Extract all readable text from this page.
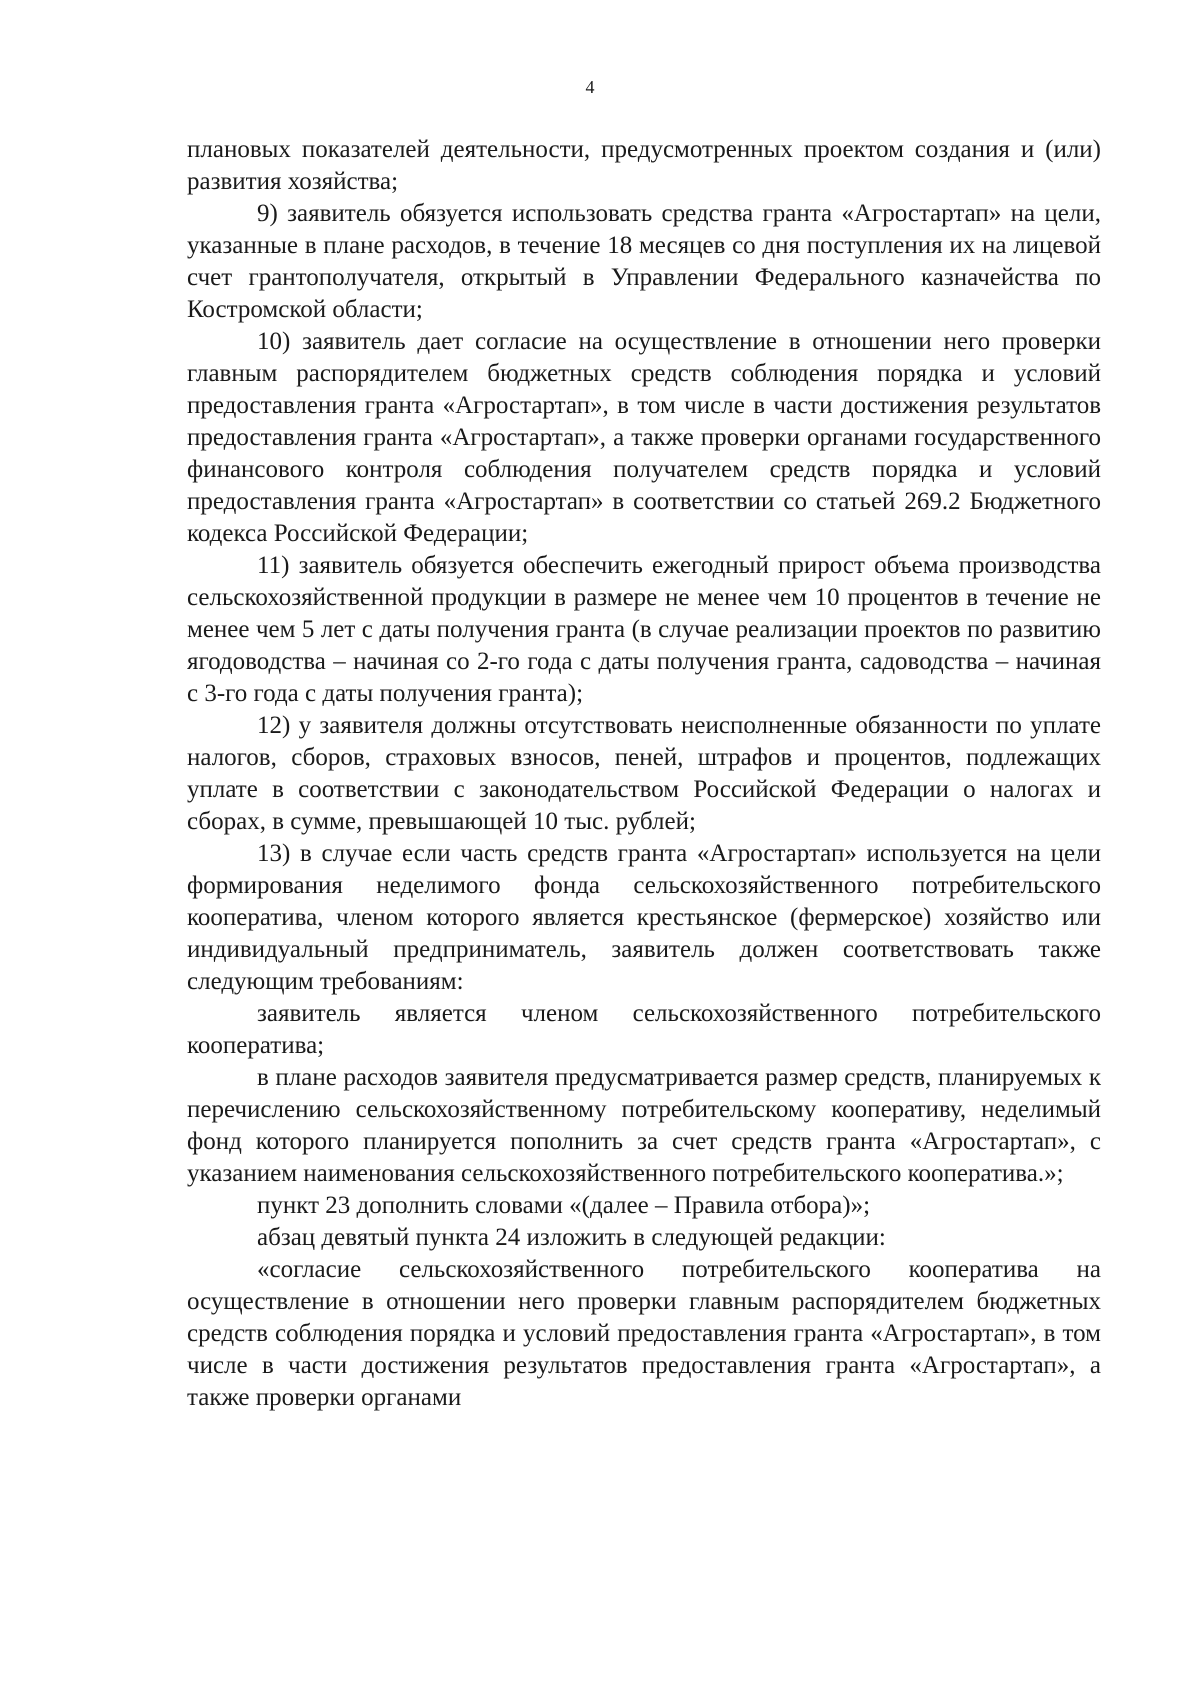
4

плановых показателей деятельности, предусмотренных проектом создания и (или) развития хозяйства;

9) заявитель обязуется использовать средства гранта «Агростартап» на цели, указанные в плане расходов, в течение 18 месяцев со дня поступления их на лицевой счет грантополучателя, открытый в Управлении Федерального казначейства по Костромской области;

10) заявитель дает согласие на осуществление в отношении него проверки главным распорядителем бюджетных средств соблюдения порядка и условий предоставления гранта «Агростартап», в том числе в части достижения результатов предоставления гранта «Агростартап», а также проверки органами государственного финансового контроля соблюдения получателем средств порядка и условий предоставления гранта «Агростартап» в соответствии со статьей 269.2 Бюджетного кодекса Российской Федерации;

11) заявитель обязуется обеспечить ежегодный прирост объема производства сельскохозяйственной продукции в размере не менее чем 10 процентов в течение не менее чем 5 лет с даты получения гранта (в случае реализации проектов по развитию ягодоводства – начиная со 2-го года с даты получения гранта, садоводства – начиная с 3-го года с даты получения гранта);

12) у заявителя должны отсутствовать неисполненные обязанности по уплате налогов, сборов, страховых взносов, пеней, штрафов и процентов, подлежащих уплате в соответствии с законодательством Российской Федерации о налогах и сборах, в сумме, превышающей 10 тыс. рублей;

13) в случае если часть средств гранта «Агростартап» используется на цели формирования неделимого фонда сельскохозяйственного потребительского кооператива, членом которого является крестьянское (фермерское) хозяйство или индивидуальный предприниматель, заявитель должен соответствовать также следующим требованиям:

заявитель является членом сельскохозяйственного потребительского кооператива;

в плане расходов заявителя предусматривается размер средств, планируемых к перечислению сельскохозяйственному потребительскому кооперативу, неделимый фонд которого планируется пополнить за счет средств гранта «Агростартап», с указанием наименования сельскохозяйственного потребительского кооператива.»;

пункт 23 дополнить словами «(далее – Правила отбора)»;

абзац девятый пункта 24 изложить в следующей редакции:

«согласие сельскохозяйственного потребительского кооператива на осуществление в отношении него проверки главным распорядителем бюджетных средств соблюдения порядка и условий предоставления гранта «Агростартап», в том числе в части достижения результатов предоставления гранта «Агростартап», а также проверки органами
